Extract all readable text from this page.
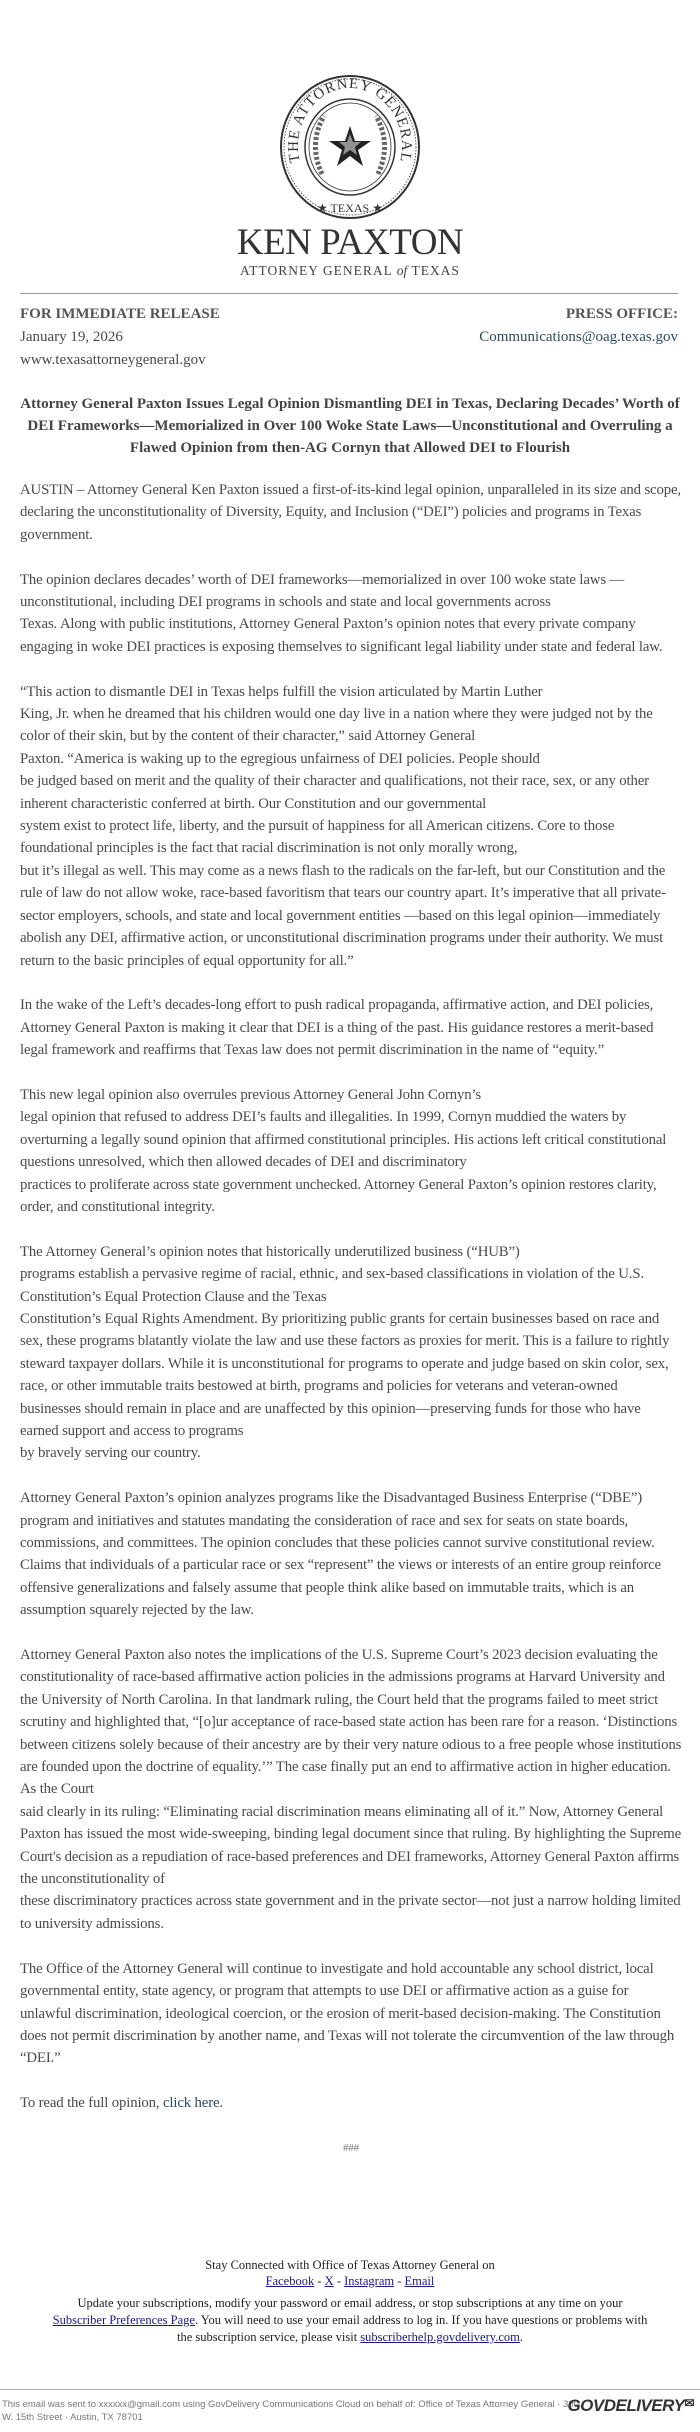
THE ATTORNEY GENERAL
★ TEXAS ★
KEN PAXTON
ATTORNEY GENERAL of TEXAS
FOR IMMEDIATE RELEASE
January 19, 2026
www.texasattorneygeneral.gov
PRESS OFFICE:
Communications@oag.texas.gov
Attorney General Paxton Issues Legal Opinion Dismantling DEI in Texas, Declaring Decades’ Worth of DEI Frameworks—Memorialized in Over 100 Woke State Laws—Unconstitutional and Overruling a Flawed Opinion from then-AG Cornyn that Allowed DEI to Flourish

AUSTIN – Attorney General Ken Paxton issued a first-of-its-kind legal opinion, unparalleled in its size and scope, declaring the unconstitutionality of Diversity, Equity, and Inclusion (“DEI”) policies and programs in Texas government.

The opinion declares decades’ worth of DEI frameworks—memorialized in over 100 woke state laws —unconstitutional, including DEI programs in schools and state and local governments across
Texas. Along with public institutions, Attorney General Paxton’s opinion notes that every private company engaging in woke DEI practices is exposing themselves to significant legal liability under state and federal law.

“This action to dismantle DEI in Texas helps fulfill the vision articulated by Martin Luther
King, Jr. when he dreamed that his children would one day live in a nation where they were judged not by the color of their skin, but by the content of their character,” said Attorney General
Paxton. “America is waking up to the egregious unfairness of DEI policies. People should
be judged based on merit and the quality of their character and qualifications, not their race, sex, or any other inherent characteristic conferred at birth. Our Constitution and our governmental
system exist to protect life, liberty, and the pursuit of happiness for all American citizens. Core to those foundational principles is the fact that racial discrimination is not only morally wrong,
but it’s illegal as well. This may come as a news flash to the radicals on the far-left, but our Constitution and the rule of law do not allow woke, race-based favoritism that tears our country apart. It’s imperative that all private-sector employers, schools, and state and local government entities —based on this legal opinion—immediately abolish any DEI, affirmative action, or unconstitutional discrimination programs under their authority. We must return to the basic principles of equal opportunity for all.”

In the wake of the Left’s decades-long effort to push radical propaganda, affirmative action, and DEI policies, Attorney General Paxton is making it clear that DEI is a thing of the past. His guidance restores a merit-based legal framework and reaffirms that Texas law does not permit discrimination in the name of “equity.”

This new legal opinion also overrules previous Attorney General John Cornyn’s
legal opinion that refused to address DEI’s faults and illegalities. In 1999, Cornyn muddied the waters by overturning a legally sound opinion that affirmed constitutional principles. His actions left critical constitutional questions unresolved, which then allowed decades of DEI and discriminatory
practices to proliferate across state government unchecked. Attorney General Paxton’s opinion restores clarity, order, and constitutional integrity.

The Attorney General’s opinion notes that historically underutilized business (“HUB”)
programs establish a pervasive regime of racial, ethnic, and sex-based classifications in violation of the U.S. Constitution’s Equal Protection Clause and the Texas
Constitution’s Equal Rights Amendment. By prioritizing public grants for certain businesses based on race and sex, these programs blatantly violate the law and use these factors as proxies for merit. This is a failure to rightly steward taxpayer dollars. While it is unconstitutional for programs to operate and judge based on skin color, sex, race, or other immutable traits bestowed at birth, programs and policies for veterans and veteran-owned businesses should remain in place and are unaffected by this opinion—preserving funds for those who have earned support and access to programs
by bravely serving our country.

Attorney General Paxton’s opinion analyzes programs like the Disadvantaged Business Enterprise (“DBE”) program and initiatives and statutes mandating the consideration of race and sex for seats on state boards, commissions, and committees. The opinion concludes that these policies cannot survive constitutional review. Claims that individuals of a particular race or sex “represent” the views or interests of an entire group reinforce offensive generalizations and falsely assume that people think alike based on immutable traits, which is an assumption squarely rejected by the law.

Attorney General Paxton also notes the implications of the U.S. Supreme Court’s 2023 decision evaluating the constitutionality of race-based affirmative action policies in the admissions programs at Harvard University and the University of North Carolina. In that landmark ruling, the Court held that the programs failed to meet strict scrutiny and highlighted that, “[o]ur acceptance of race-based state action has been rare for a reason. ‘Distinctions between citizens solely because of their ancestry are by their very nature odious to a free people whose institutions are founded upon the doctrine of equality.’” The case finally put an end to affirmative action in higher education. As the Court
said clearly in its ruling: “Eliminating racial discrimination means eliminating all of it.” Now, Attorney General Paxton has issued the most wide-sweeping, binding legal document since that ruling. By highlighting the Supreme Court's decision as a repudiation of race-based preferences and DEI frameworks, Attorney General Paxton affirms the unconstitutionality of
these discriminatory practices across state government and in the private sector—not just a narrow holding limited to university admissions.

The Office of the Attorney General will continue to investigate and hold accountable any school district, local governmental entity, state agency, or program that attempts to use DEI or affirmative action as a guise for unlawful discrimination, ideological coercion, or the erosion of merit-based decision-making. The Constitution does not permit discrimination by another name, and Texas will not tolerate the circumvention of the law through “DEI.”

To read the full opinion, click here.

###
Stay Connected with Office of Texas Attorney General on
Facebook - X - Instagram - Email
Update your subscriptions, modify your password or email address, or stop subscriptions at any time on your Subscriber Preferences Page. You will need to use your email address to log in. If you have questions or problems with the subscription service, please visit subscriberhelp.govdelivery.com.
This email was sent to xxxxxx@gmail.com using GovDelivery Communications Cloud on behalf of: Office of Texas Attorney General · 300 W. 15th Street · Austin, TX 78701
GOVDELIVERY✉
